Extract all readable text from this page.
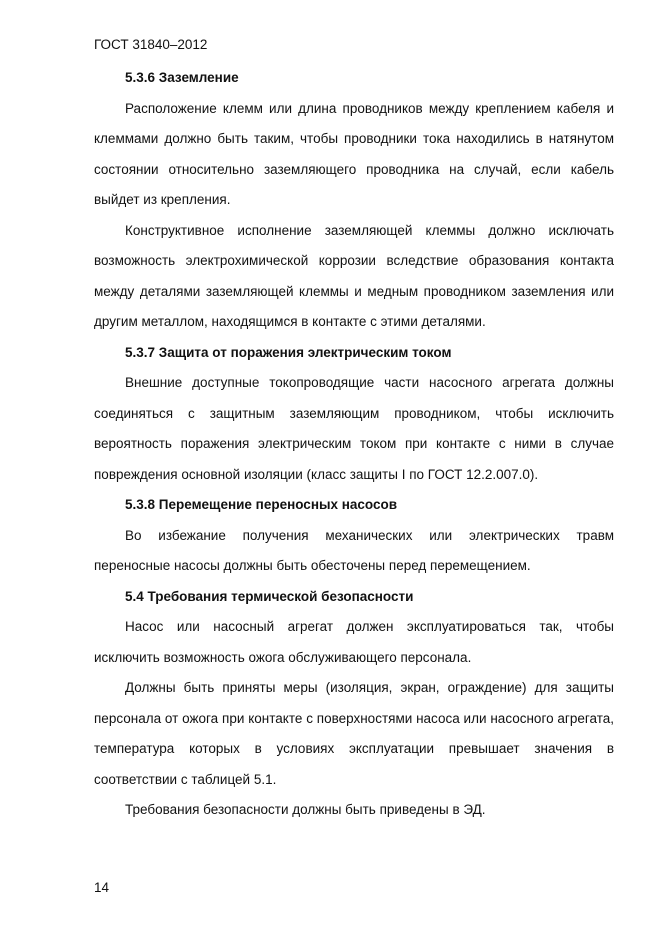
ГОСТ 31840–2012
5.3.6 Заземление

Расположение клемм или длина проводников между креплением кабеля и клеммами должно быть таким, чтобы проводники тока находились в натянутом состоянии относительно заземляющего проводника на случай, если кабель выйдет из крепления.

Конструктивное исполнение заземляющей клеммы должно исключать возможность электрохимической коррозии вследствие образования контакта между деталями заземляющей клеммы и медным проводником заземления или другим металлом, находящимся в контакте с этими деталями.

5.3.7 Защита от поражения электрическим током

Внешние доступные токопроводящие части насосного агрегата должны соединяться с защитным заземляющим проводником, чтобы исключить вероятность поражения электрическим током при контакте с ними в случае повреждения основной изоляции (класс защиты I по ГОСТ 12.2.007.0).

5.3.8 Перемещение переносных насосов

Во избежание получения механических или электрических травм переносные насосы должны быть обесточены перед перемещением.

5.4 Требования термической безопасности

Насос или насосный агрегат должен эксплуатироваться так, чтобы исключить возможность ожога обслуживающего персонала.

Должны быть приняты меры (изоляция, экран, ограждение) для защиты персонала от ожога при контакте с поверхностями насоса или насосного агрегата, температура которых в условиях эксплуатации превышает значения в соответствии с таблицей 5.1.

Требования безопасности должны быть приведены в ЭД.

14
